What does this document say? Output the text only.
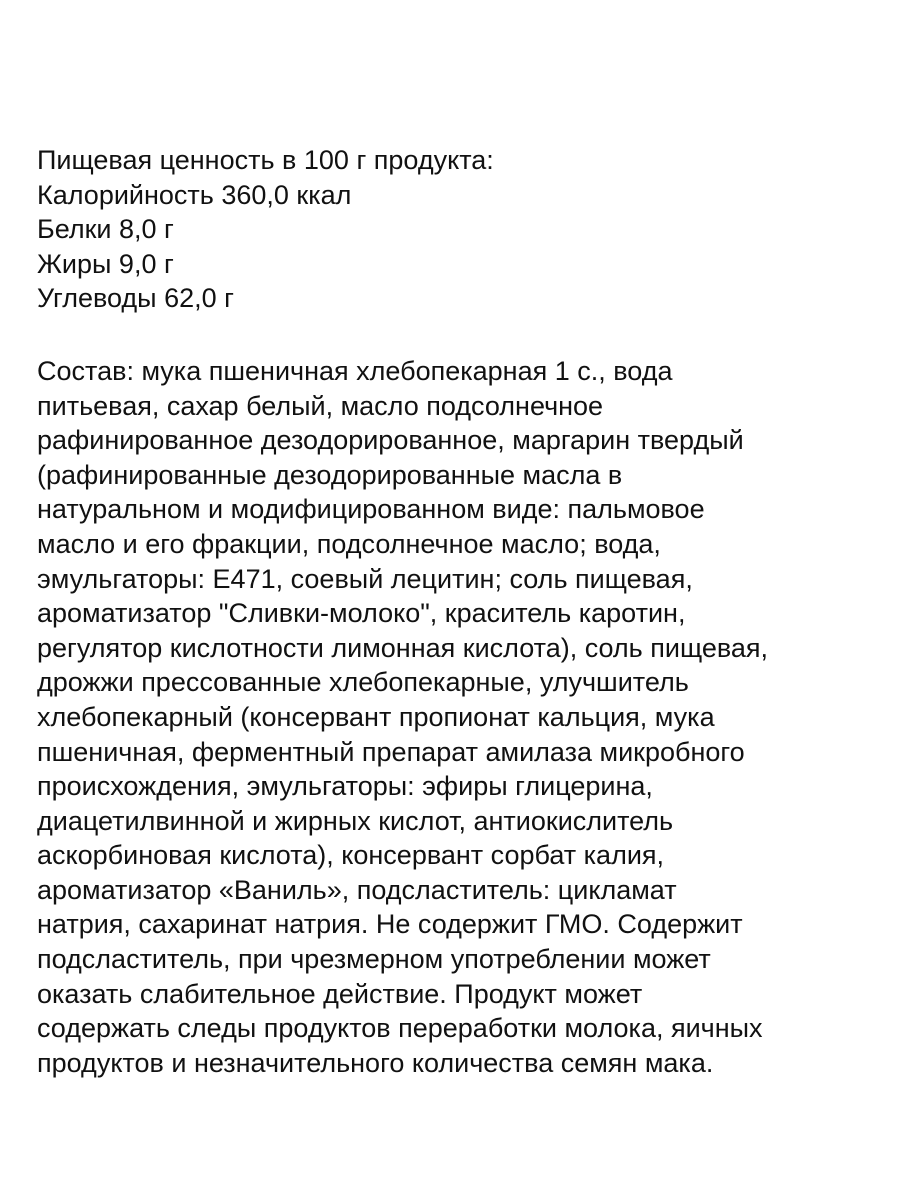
Пищевая ценность в 100 г продукта:
Калорийность 360,0 ккал
Белки 8,0 г
Жиры 9,0 г
Углеводы 62,0 г
Состав: мука пшеничная хлебопекарная 1 с., вода
питьевая, сахар белый, масло подсолнечное
рафинированное дезодорированное, маргарин твердый
(рафинированные дезодорированные масла в
натуральном и модифицированном виде: пальмовое
масло и его фракции, подсолнечное масло; вода,
эмульгаторы: Е471, соевый лецитин; соль пищевая,
ароматизатор "Сливки-молоко", краситель каротин,
регулятор кислотности лимонная кислота), соль пищевая,
дрожжи прессованные хлебопекарные, улучшитель
хлебопекарный (консервант пропионат кальция, мука
пшеничная, ферментный препарат амилаза микробного
происхождения, эмульгаторы: эфиры глицерина,
диацетилвинной и жирных кислот, антиокислитель
аскорбиновая кислота), консервант сорбат калия,
ароматизатор «Ваниль», подсластитель: цикламат
натрия, сахаринат натрия. Не содержит ГМО. Содержит
подсластитель, при чрезмерном употреблении может
оказать слабительное действие. Продукт может
содержать следы продуктов переработки молока, яичных
продуктов и незначительного количества семян мака.
